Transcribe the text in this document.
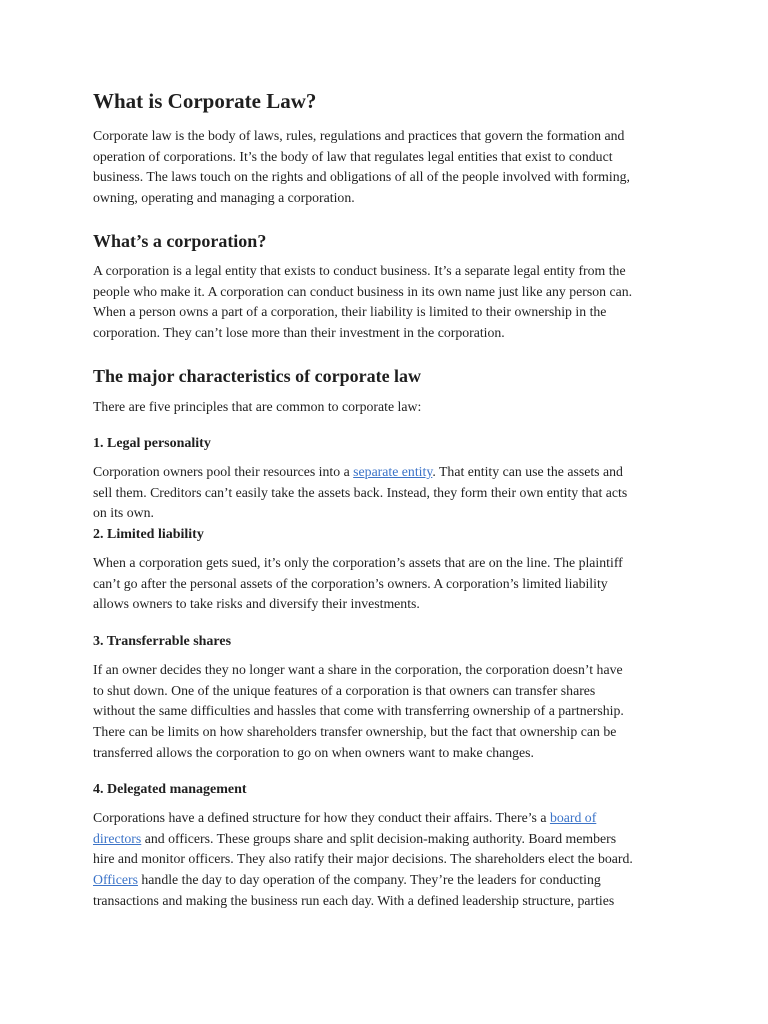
What is Corporate Law?

Corporate law is the body of laws, rules, regulations and practices that govern the formation and
operation of corporations. It’s the body of law that regulates legal entities that exist to conduct
business. The laws touch on the rights and obligations of all of the people involved with forming,
owning, operating and managing a corporation.

What’s a corporation?

A corporation is a legal entity that exists to conduct business. It’s a separate legal entity from the
people who make it. A corporation can conduct business in its own name just like any person can.
When a person owns a part of a corporation, their liability is limited to their ownership in the
corporation. They can’t lose more than their investment in the corporation.

The major characteristics of corporate law

There are five principles that are common to corporate law:

1. Legal personality

Corporation owners pool their resources into a separate entity. That entity can use the assets and
sell them. Creditors can’t easily take the assets back. Instead, they form their own entity that acts
on its own.

2. Limited liability

When a corporation gets sued, it’s only the corporation’s assets that are on the line. The plaintiff
can’t go after the personal assets of the corporation’s owners. A corporation’s limited liability
allows owners to take risks and diversify their investments.

3. Transferrable shares

If an owner decides they no longer want a share in the corporation, the corporation doesn’t have
to shut down. One of the unique features of a corporation is that owners can transfer shares
without the same difficulties and hassles that come with transferring ownership of a partnership.
There can be limits on how shareholders transfer ownership, but the fact that ownership can be
transferred allows the corporation to go on when owners want to make changes.

4. Delegated management

Corporations have a defined structure for how they conduct their affairs. There’s a board of
directors and officers. These groups share and split decision-making authority. Board members
hire and monitor officers. They also ratify their major decisions. The shareholders elect the board.
Officers handle the day to day operation of the company. They’re the leaders for conducting
transactions and making the business run each day. With a defined leadership structure, parties
